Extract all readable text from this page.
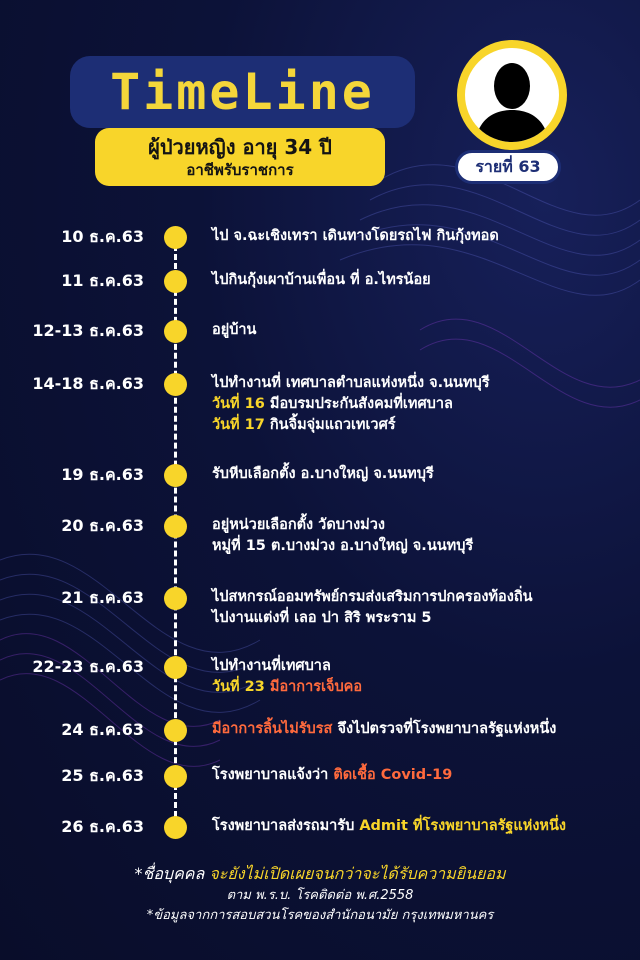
TimeLine
ผู้ป่วยหญิง อายุ 34 ปี
อาชีพรับราชการ	รายที่ 63
10 ธ.ค.63	ไป จ.ฉะเชิงเทรา เดินทางโดยรถไฟ กินกุ้งทอด
11 ธ.ค.63	ไปกินกุ้งเผาบ้านเพื่อน ที่ อ.ไทรน้อย
12-13 ธ.ค.63	อยู่บ้าน
14-18 ธ.ค.63	ไปทำงานที่ เทศบาลตำบลแห่งหนึ่ง จ.นนทบุรี
วันที่ 16 มีอบรมประกันสังคมที่เทศบาล
วันที่ 17 กินจิ้มจุ่มแถวเทเวศร์
19 ธ.ค.63	รับหีบเลือกตั้ง อ.บางใหญ่ จ.นนทบุรี
20 ธ.ค.63	อยู่หน่วยเลือกตั้ง วัดบางม่วง
หมู่ที่ 15 ต.บางม่วง อ.บางใหญ่ จ.นนทบุรี
21 ธ.ค.63	ไปสหกรณ์ออมทรัพย์กรมส่งเสริมการปกครองท้องถิ่น
ไปงานแต่งที่ เลอ ปา สิริ พระราม 5
22-23 ธ.ค.63	ไปทำงานที่เทศบาล
วันที่ 23 มีอาการเจ็บคอ
24 ธ.ค.63	มีอาการลิ้นไม่รับรส จึงไปตรวจที่โรงพยาบาลรัฐแห่งหนึ่ง
25 ธ.ค.63	โรงพยาบาลแจ้งว่า ติดเชื้อ Covid-19
26 ธ.ค.63	โรงพยาบาลส่งรถมารับ Admit ที่โรงพยาบาลรัฐแห่งหนึ่ง
*ชื่อบุคคล จะยังไม่เปิดเผยจนกว่าจะได้รับความยินยอม
ตาม พ.ร.บ. โรคติดต่อ พ.ศ.2558
*ข้อมูลจากการสอบสวนโรคของสำนักอนามัย กรุงเทพมหานคร
